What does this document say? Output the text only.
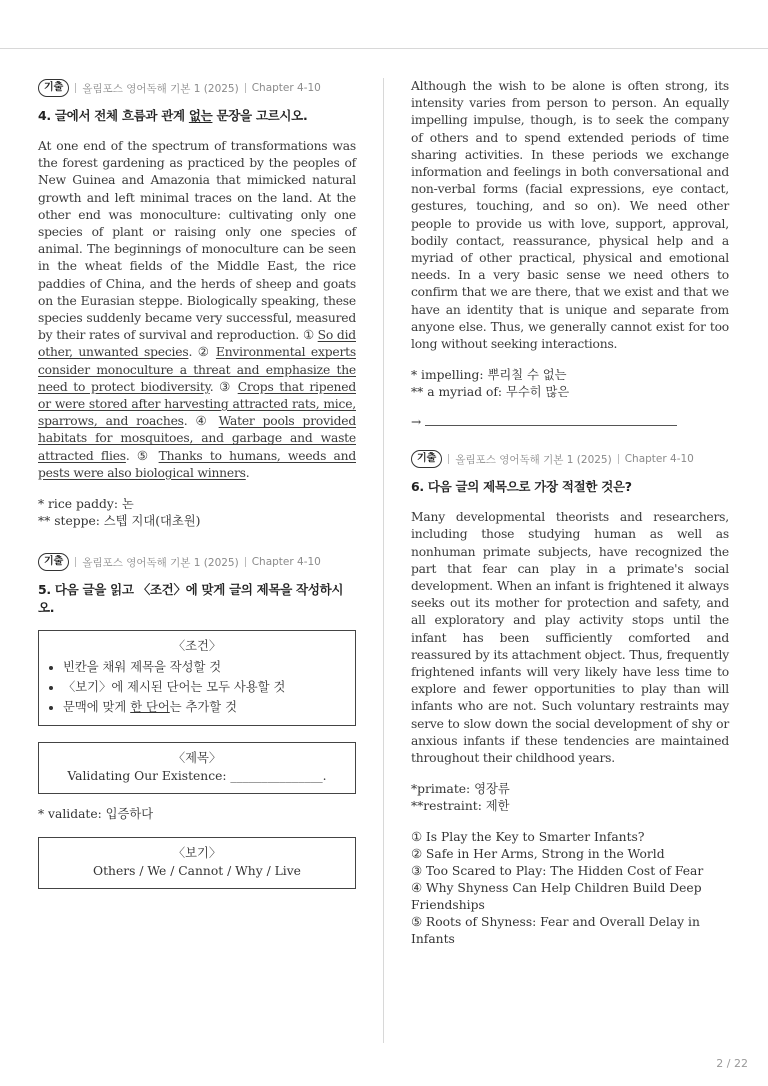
기출	올림포스 영어독해 기본 1 (2025) Chapter 4-10
4. 글에서 전체 흐름과 관계 없는 문장을 고르시오.

At one end of the spectrum of transformations was the forest gardening as practiced by the peoples of New Guinea and Amazonia that mimicked natural growth and left minimal traces on the land. At the other end was monoculture: cultivating only one species of plant or raising only one species of animal. The beginnings of monoculture can be seen in the wheat fields of the Middle East, the rice paddies of China, and the herds of sheep and goats on the Eurasian steppe. Biologically speaking, these species suddenly became very successful, measured by their rates of survival and reproduction. ① So did other, unwanted species. ② Environmental experts consider monoculture a threat and emphasize the need to protect biodiversity. ③ Crops that ripened or were stored after harvesting attracted rats, mice, sparrows, and roaches. ④ Water pools provided habitats for mosquitoes, and garbage and waste attracted flies. ⑤ Thanks to humans, weeds and pests were also biological winners.

* rice paddy: 논
** steppe: 스텝 지대(대초원)
기출	올림포스 영어독해 기본 1 (2025) Chapter 4-10
5. 다음 글을 읽고 〈조건〉에 맞게 글의 제목을 작성하시오.
〈조건〉
• 빈칸을 채워 제목을 작성할 것
• 〈보기〉에 제시된 단어는 모두 사용할 것
• 문맥에 맞게 한 단어는 추가할 것
〈제목〉
Validating Our Existence: _______________.
* validate: 입증하다
〈보기〉
Others / We / Cannot / Why / Live

Although the wish to be alone is often strong, its intensity varies from person to person. An equally impelling impulse, though, is to seek the company of others and to spend extended periods of time sharing activities. In these periods we exchange information and feelings in both conversational and non-verbal forms (facial expressions, eye contact, gestures, touching, and so on). We need other people to provide us with love, support, approval, bodily contact, reassurance, physical help and a myriad of other practical, physical and emotional needs. In a very basic sense we need others to confirm that we are there, that we exist and that we have an identity that is unique and separate from anyone else. Thus, we generally cannot exist for too long without seeking interactions.

* impelling: 뿌리칠 수 없는
** a myriad of: 무수히 많은
→
기출	올림포스 영어독해 기본 1 (2025) Chapter 4-10
6. 다음 글의 제목으로 가장 적절한 것은?

Many developmental theorists and researchers, including those studying human as well as nonhuman primate subjects, have recognized the part that fear can play in a primate's social development. When an infant is frightened it always seeks out its mother for protection and safety, and all exploratory and play activity stops until the infant has been sufficiently comforted and reassured by its attachment object. Thus, frequently frightened infants will very likely have less time to explore and fewer opportunities to play than will infants who are not. Such voluntary restraints may serve to slow down the social development of shy or anxious infants if these tendencies are maintained throughout their childhood years.

*primate: 영장류
**restraint: 제한
① Is Play the Key to Smarter Infants?
② Safe in Her Arms, Strong in the World
③ Too Scared to Play: The Hidden Cost of Fear
④ Why Shyness Can Help Children Build Deep Friendships
⑤ Roots of Shyness: Fear and Overall Delay in Infants
2 / 22
